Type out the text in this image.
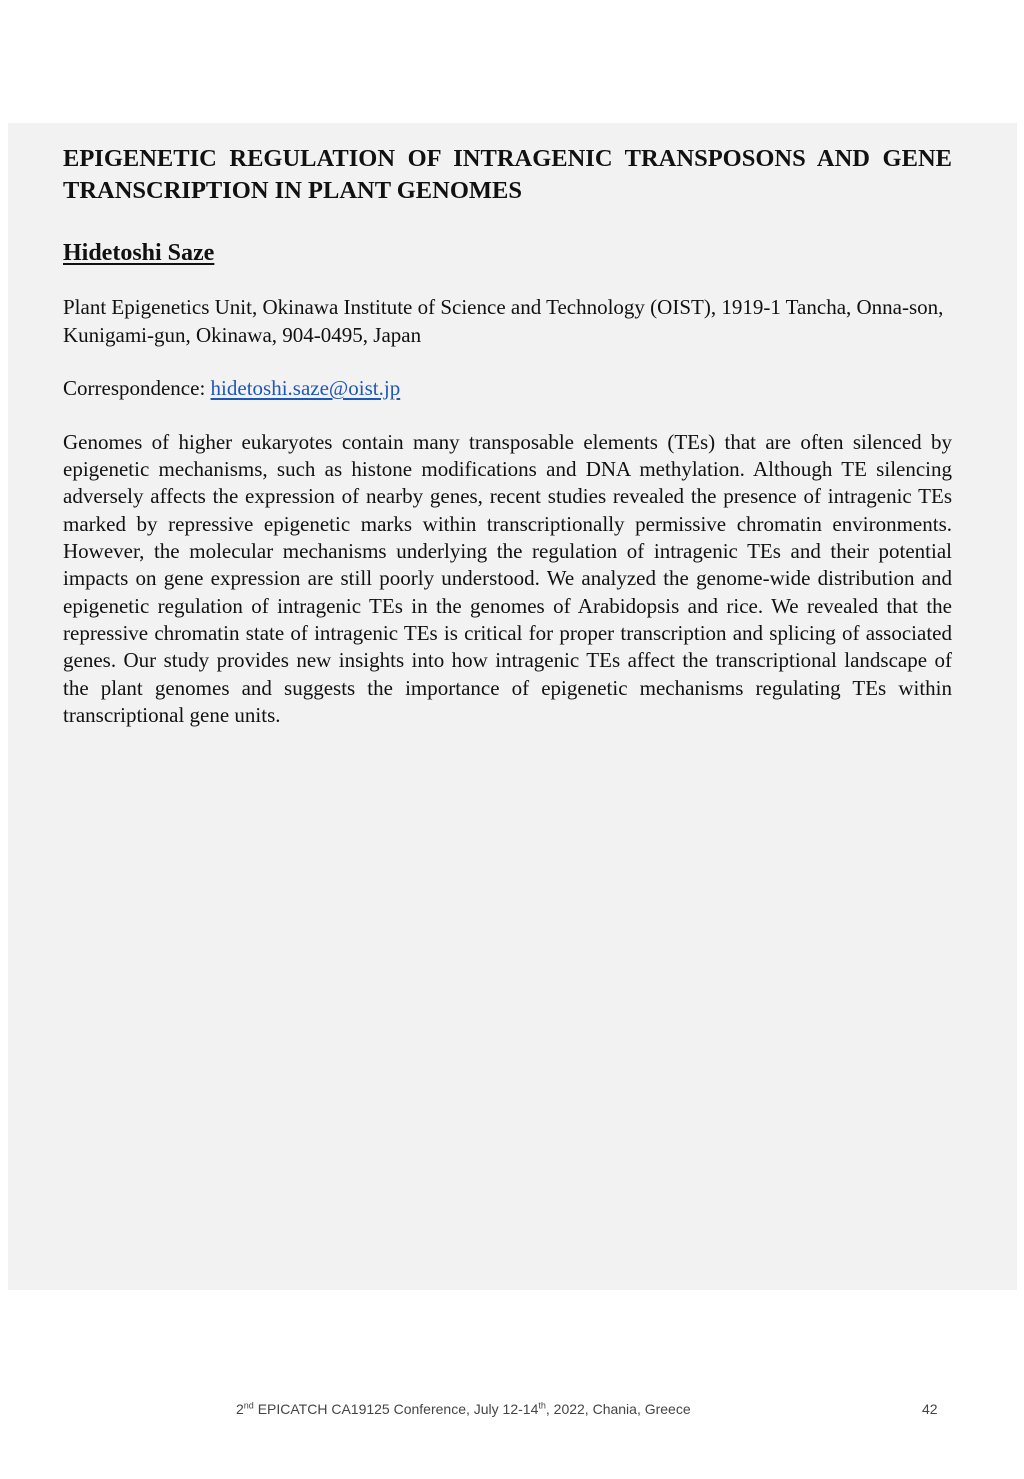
EPIGENETIC REGULATION OF INTRAGENIC TRANSPOSONS AND GENE TRANSCRIPTION IN PLANT GENOMES

Hidetoshi Saze

Plant Epigenetics Unit, Okinawa Institute of Science and Technology (OIST), 1919-1 Tancha, Onna-son, Kunigami-gun, Okinawa, 904-0495, Japan

Correspondence: hidetoshi.saze@oist.jp

Genomes of higher eukaryotes contain many transposable elements (TEs) that are often silenced by epigenetic mechanisms, such as histone modifications and DNA methylation. Although TE silencing adversely affects the expression of nearby genes, recent studies revealed the presence of intragenic TEs marked by repressive epigenetic marks within transcriptionally permissive chromatin environments. However, the molecular mechanisms underlying the regulation of intragenic TEs and their potential impacts on gene expression are still poorly understood. We analyzed the genome-wide distribution and epigenetic regulation of intragenic TEs in the genomes of Arabidopsis and rice. We revealed that the repressive chromatin state of intragenic TEs is critical for proper transcription and splicing of associated genes. Our study provides new insights into how intragenic TEs affect the transcriptional landscape of the plant genomes and suggests the importance of epigenetic mechanisms regulating TEs within transcriptional gene units.

2nd EPICATCH CA19125 Conference, July 12-14th, 2022, Chania, Greece	42
